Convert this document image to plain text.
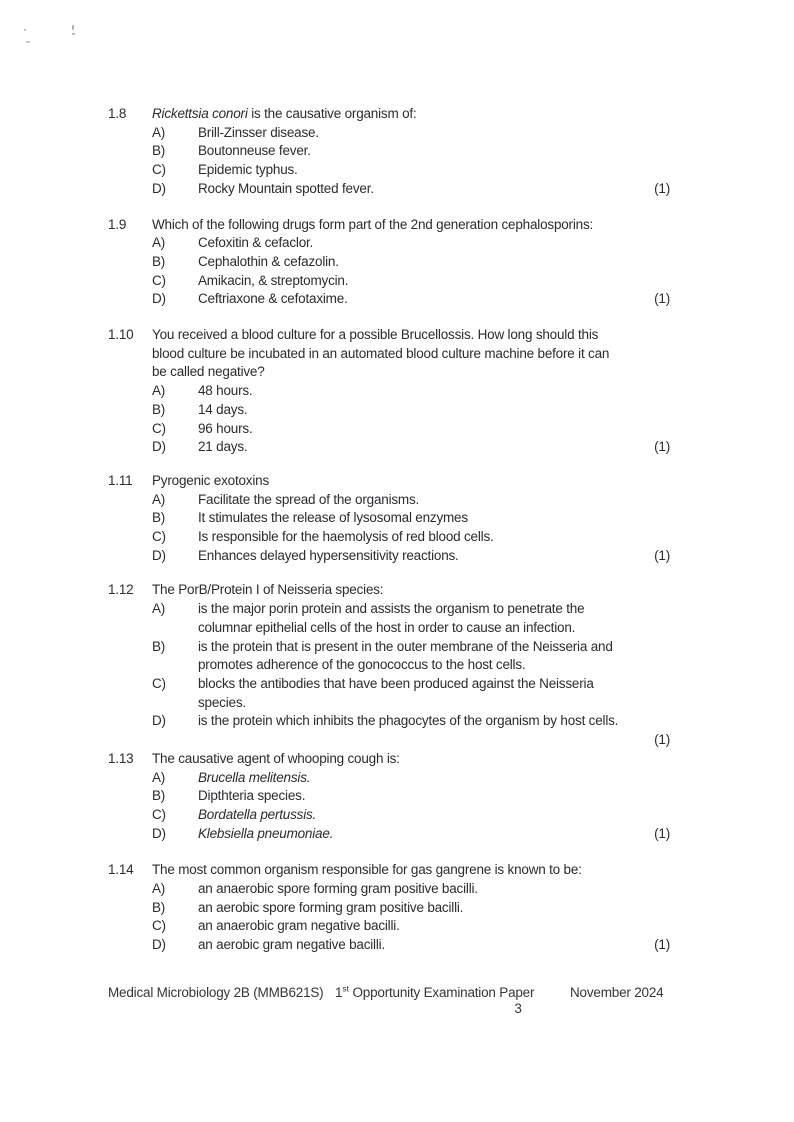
1.8	Rickettsia conori is the causative organism of:

A)	Brill-Zinsser disease.
B)	Boutonneuse fever.
C)	Epidemic typhus.
D)	Rocky Mountain spotted fever.	(1)
1.9	Which of the following drugs form part of the 2nd generation cephalosporins:

A)	Cefoxitin & cefaclor.
B)	Cephalothin & cefazolin.
C)	Amikacin, & streptomycin.
D)	Ceftriaxone & cefotaxime.	(1)
1.10	You received a blood culture for a possible Brucellossis. How long should this
blood culture be incubated in an automated blood culture machine before it can
be called negative?

A)	48 hours.
B)	14 days.
C)	96 hours.
D)	21 days.	(1)
1.11	Pyrogenic exotoxins

A)	Facilitate the spread of the organisms.
B)	It stimulates the release of lysosomal enzymes
C)	Is responsible for the haemolysis of red blood cells.
D)	Enhances delayed hypersensitivity reactions.	(1)
1.12	The PorB/Protein I of Neisseria species:

A)	is the major porin protein and assists the organism to penetrate the
columnar epithelial cells of the host in order to cause an infection.
B)	is the protein that is present in the outer membrane of the Neisseria and
promotes adherence of the gonococcus to the host cells.
C)	blocks the antibodies that have been produced against the Neisseria
species.
D)	is the protein which inhibits the phagocytes of the organism by host cells.
(1)
1.13	The causative agent of whooping cough is:

A)	Brucella melitensis.
B)	Dipthteria species.
C)	Bordatella pertussis.
D)	Klebsiella pneumoniae.	(1)
1.14	The most common organism responsible for gas gangrene is known to be:

A)	an anaerobic spore forming gram positive bacilli.
B)	an aerobic spore forming gram positive bacilli.
C)	an anaerobic gram negative bacilli.
D)	an aerobic gram negative bacilli.	(1)
Medical Microbiology 2B (MMB621S) 1st Opportunity Examination Paper	November 2024
3
